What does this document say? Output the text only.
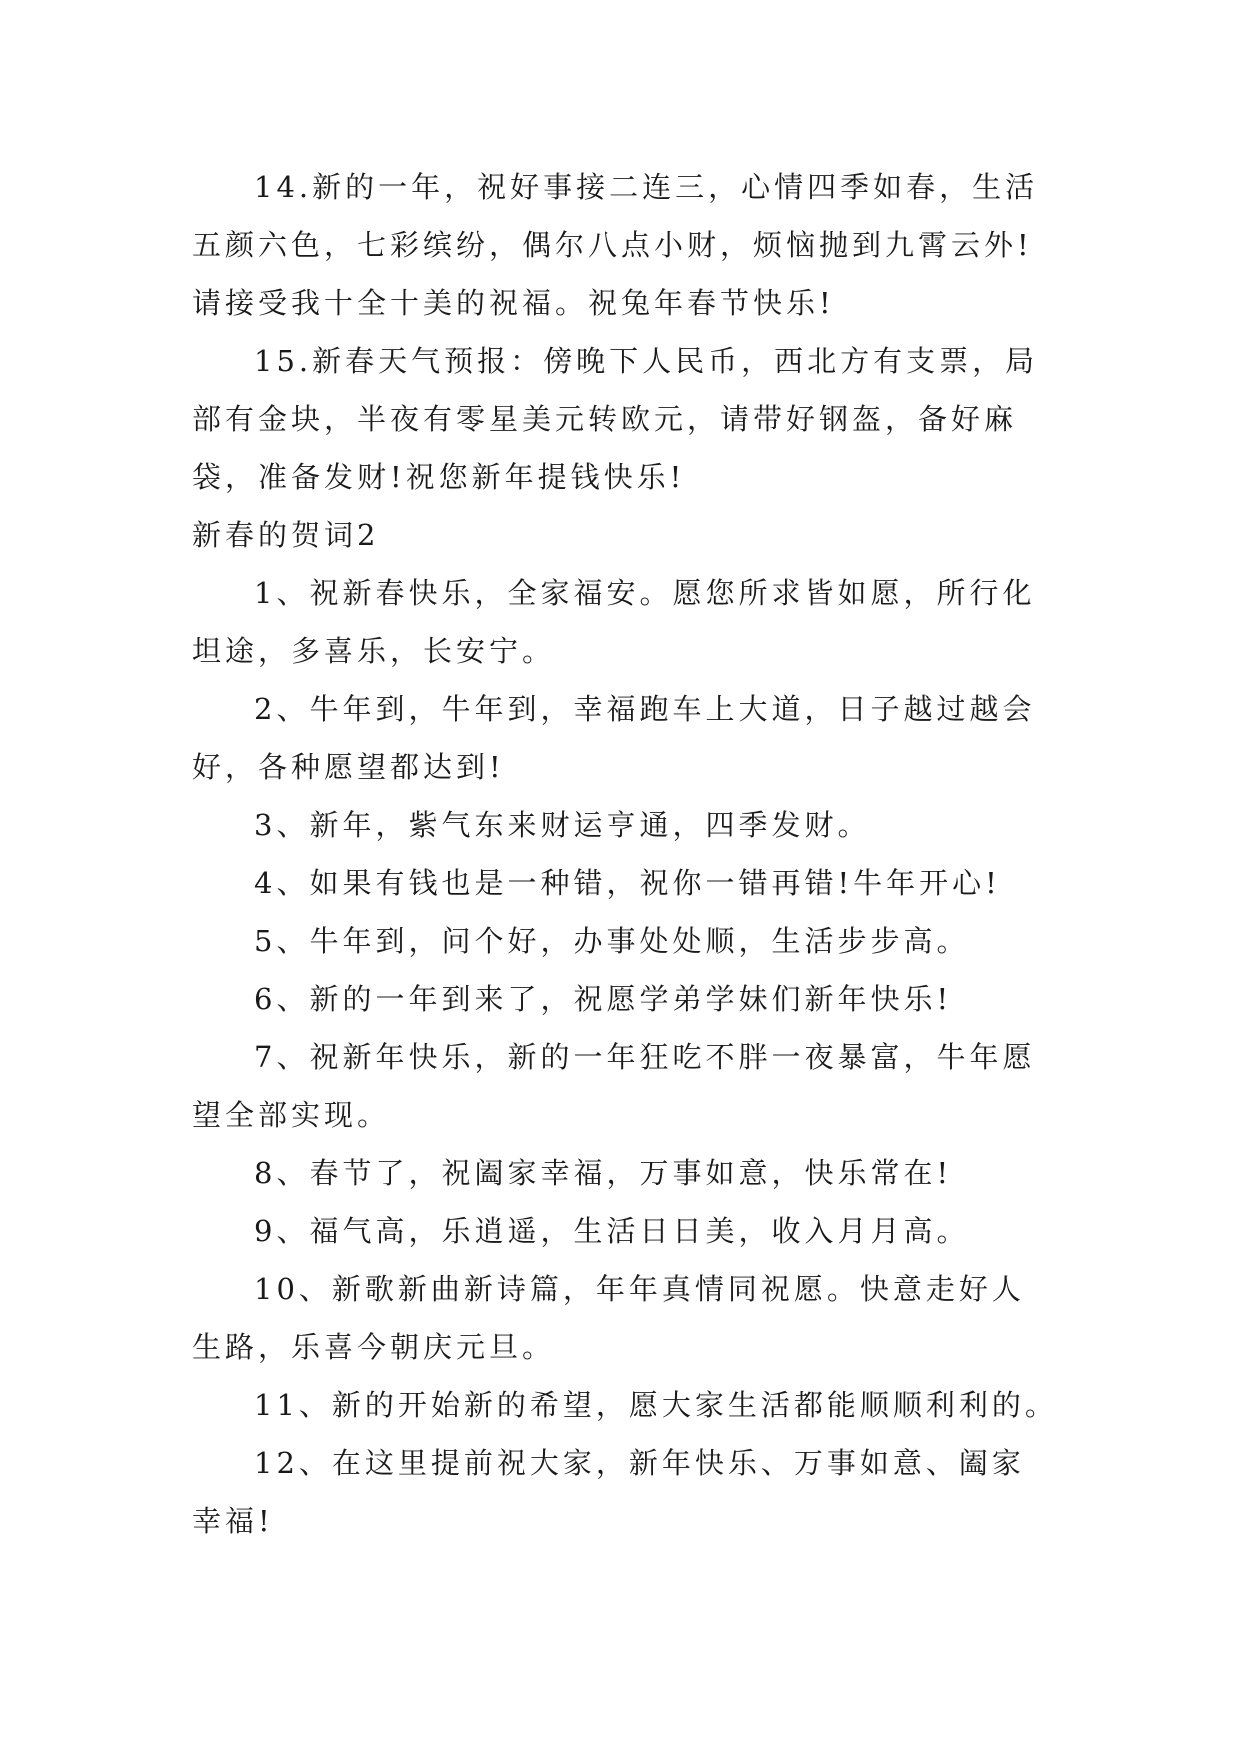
14.新的一年，祝好事接二连三，心情四季如春，生活五颜六色，七彩缤纷，偶尔八点小财，烦恼抛到九霄云外!请接受我十全十美的祝福。祝兔年春节快乐!

15.新春天气预报：傍晚下人民币，西北方有支票，局部有金块，半夜有零星美元转欧元，请带好钢盔，备好麻袋，准备发财!祝您新年提钱快乐!

新春的贺词2

1、祝新春快乐，全家福安。愿您所求皆如愿，所行化坦途，多喜乐，长安宁。

2、牛年到，牛年到，幸福跑车上大道，日子越过越会好，各种愿望都达到!

3、新年，紫气东来财运亨通，四季发财。

4、如果有钱也是一种错，祝你一错再错!牛年开心!

5、牛年到，问个好，办事处处顺，生活步步高。

6、新的一年到来了，祝愿学弟学妹们新年快乐!

7、祝新年快乐，新的一年狂吃不胖一夜暴富，牛年愿望全部实现。

8、春节了，祝阖家幸福，万事如意，快乐常在!

9、福气高，乐逍遥，生活日日美，收入月月高。

10、新歌新曲新诗篇，年年真情同祝愿。快意走好人生路，乐喜今朝庆元旦。

11、新的开始新的希望，愿大家生活都能顺顺利利的。

12、在这里提前祝大家，新年快乐、万事如意、阖家幸福!
